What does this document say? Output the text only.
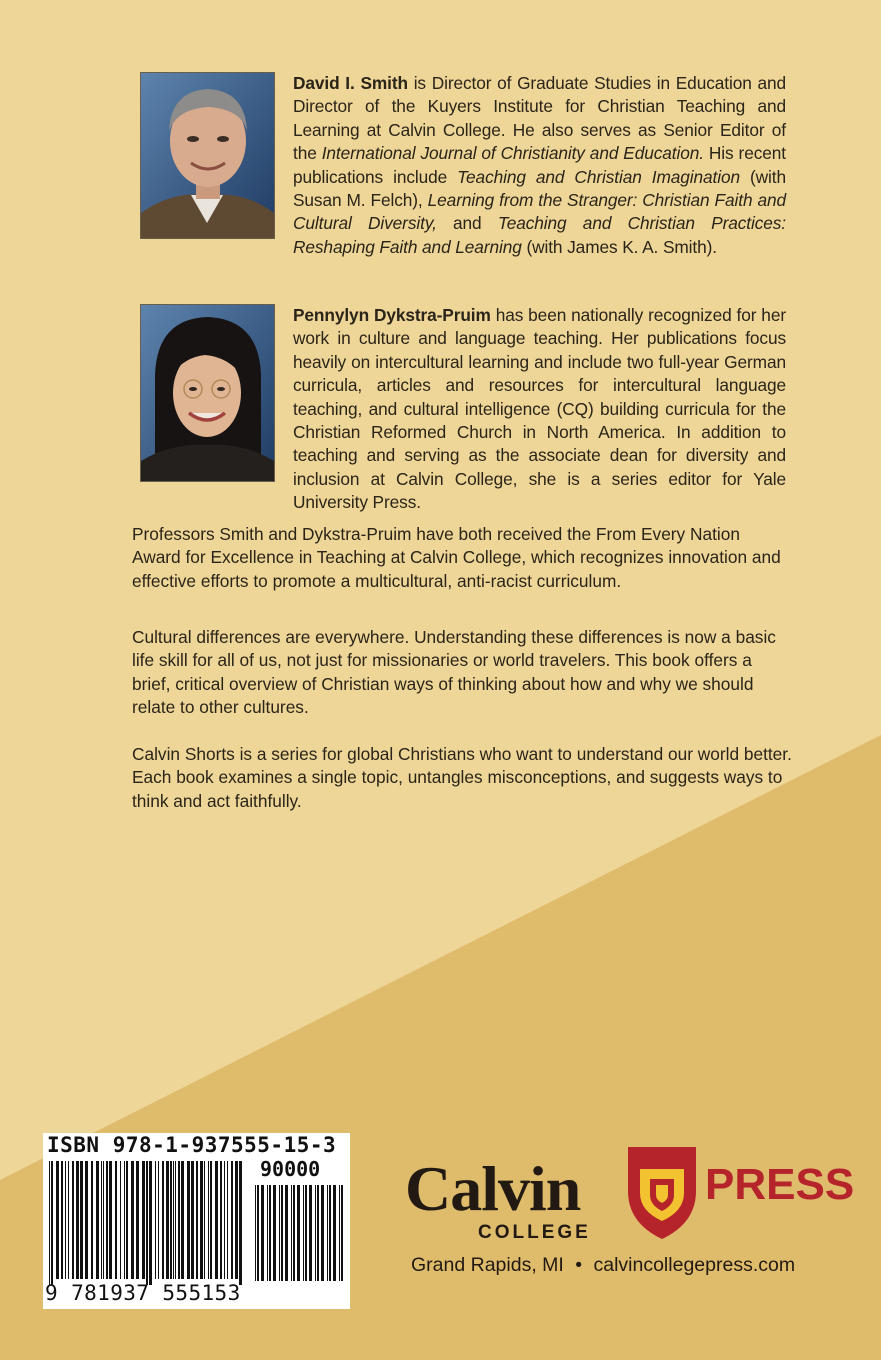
David I. Smith is Director of Graduate Studies in Education and Director of the Kuyers Institute for Christian Teaching and Learning at Calvin College. He also serves as Senior Editor of the International Journal of Christianity and Education. His recent publications include Teaching and Christian Imagination (with Susan M. Felch), Learning from the Stranger: Christian Faith and Cultural Diversity, and Teaching and Christian Practices: Reshaping Faith and Learning (with James K. A. Smith).
Pennylyn Dykstra-Pruim has been nationally recognized for her work in culture and language teaching. Her publications focus heavily on intercultural learning and include two full-year German curricula, articles and resources for intercultural language teaching, and cultural intelligence (CQ) building curricula for the Christian Reformed Church in North America. In addition to teaching and serving as the associate dean for diversity and inclusion at Calvin College, she is a series editor for Yale University Press.

Professors Smith and Dykstra-Pruim have both received the From Every Nation Award for Excellence in Teaching at Calvin College, which recognizes innovation and effective efforts to promote a multicultural, anti-racist curriculum.

Cultural differences are everywhere. Understanding these differences is now a basic life skill for all of us, not just for missionaries or world travelers. This book offers a brief, critical overview of Christian ways of thinking about how and why we should relate to other cultures.

Calvin Shorts is a series for global Christians who want to understand our world better. Each book examines a single topic, untangles misconceptions, and suggests ways to think and act faithfully.

ISBN 978-1-937555-15-3
90000
9 781937 555153
Calvin
COLLEGE
PRESS
Grand Rapids, MI • calvincollegepress.com
